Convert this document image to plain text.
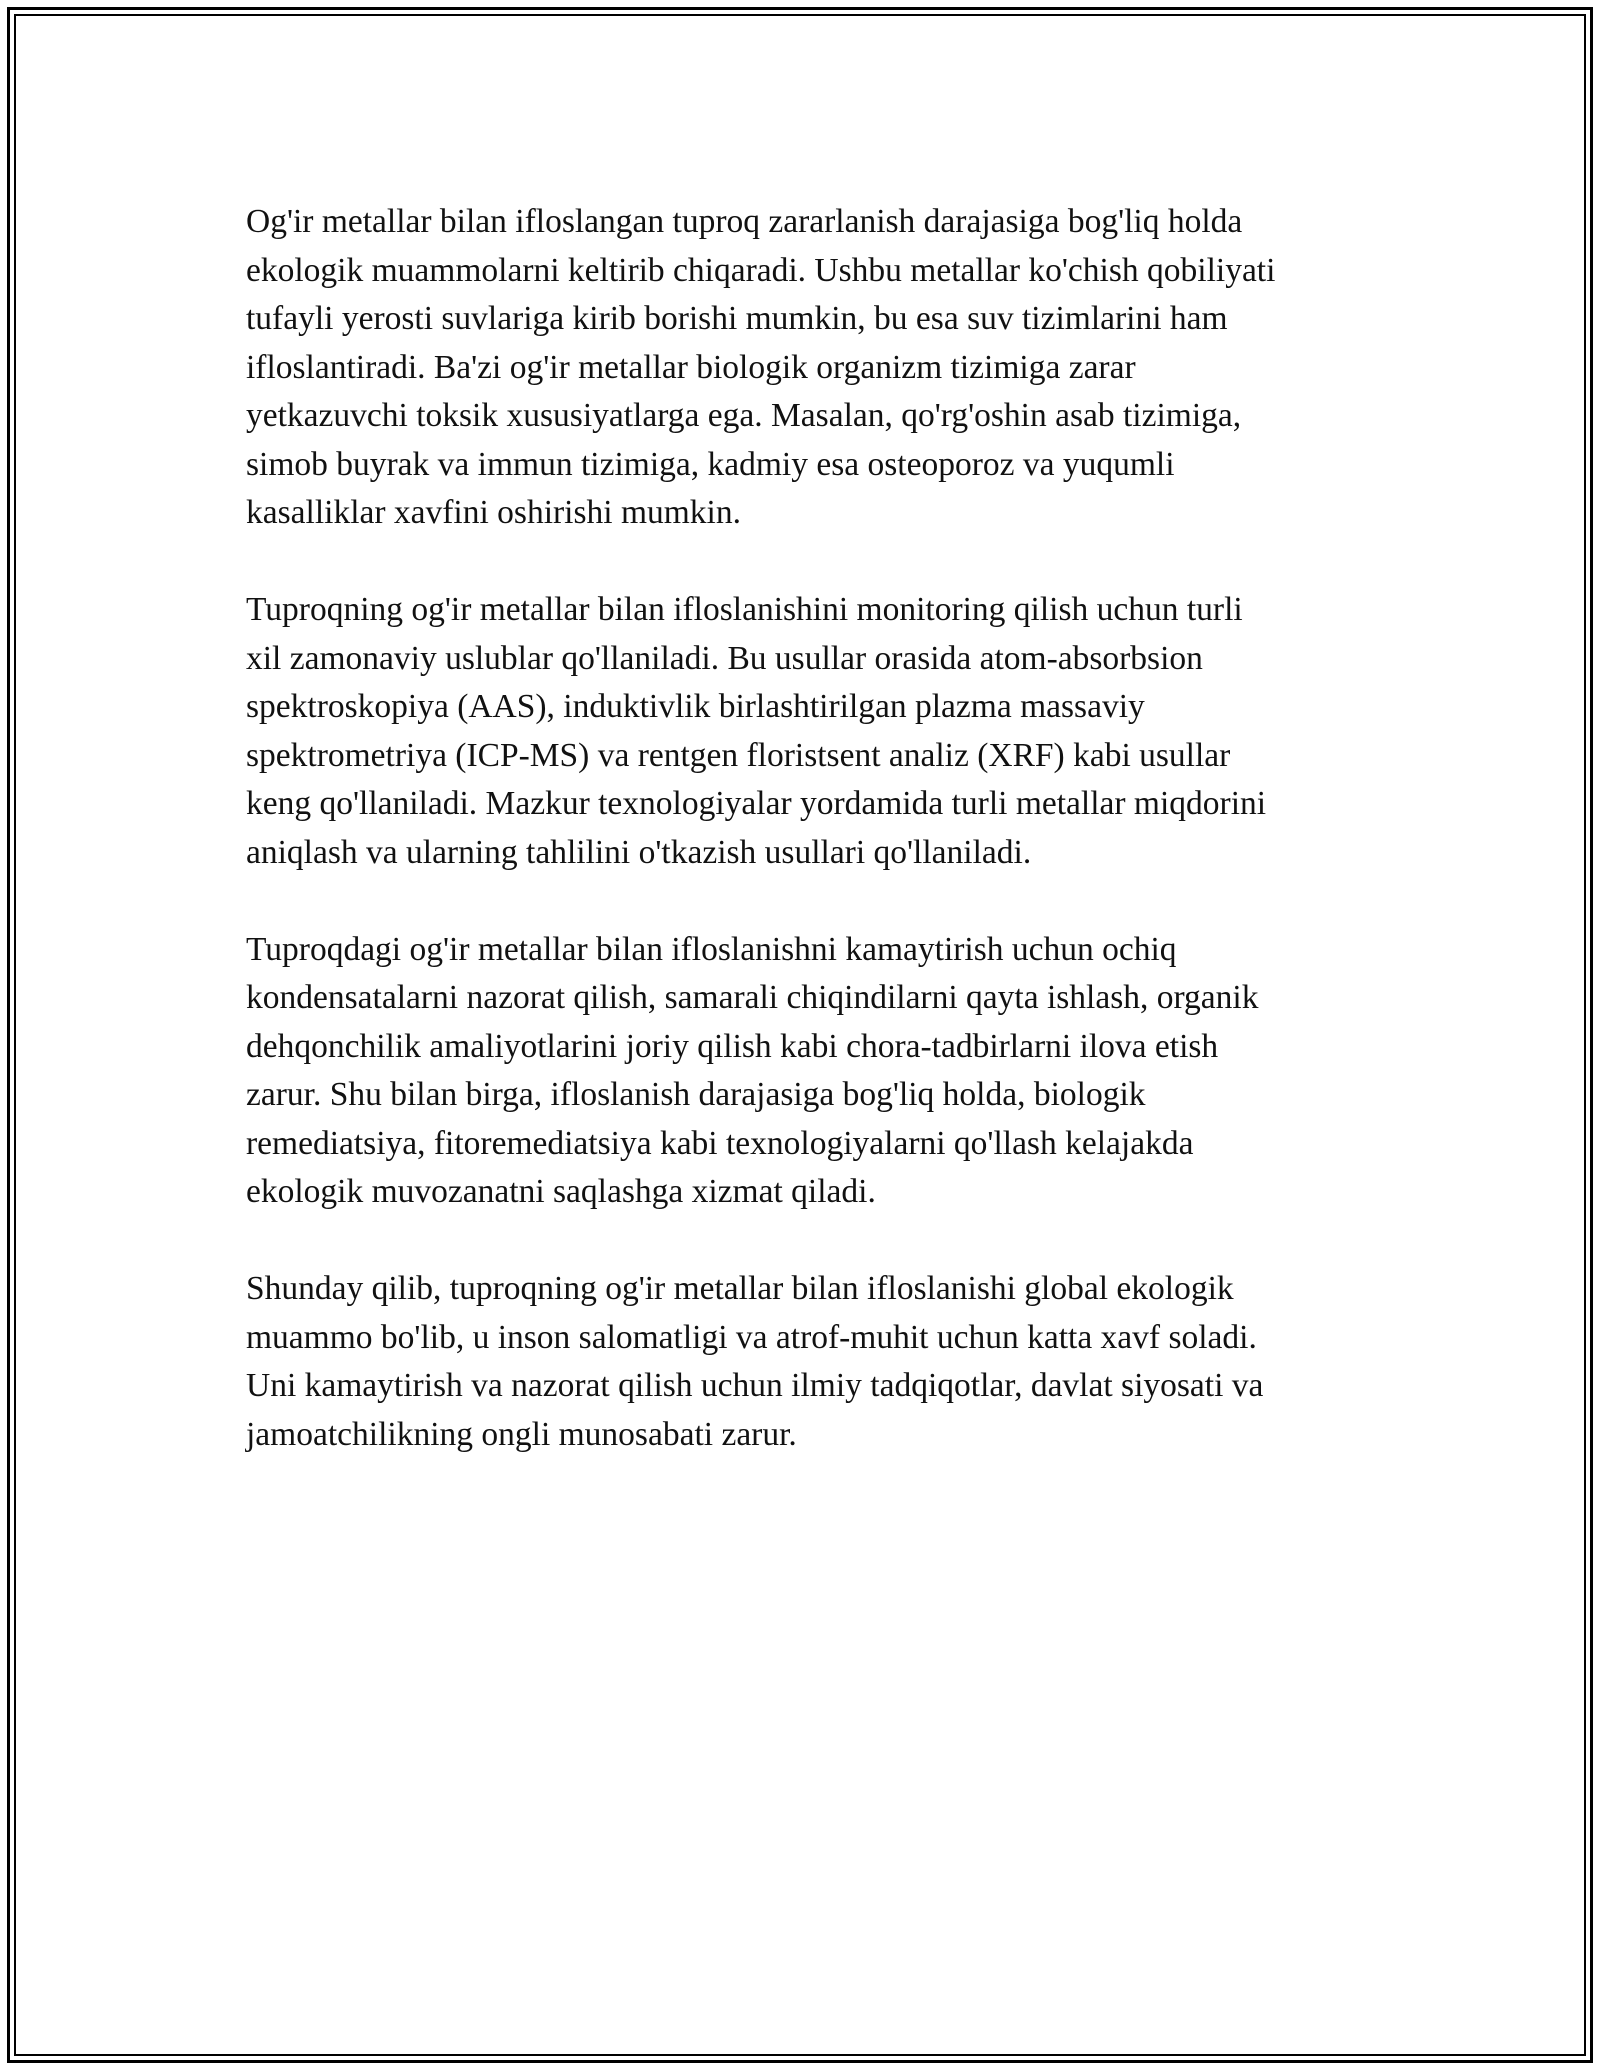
Og'ir metallar bilan ifloslangan tuproq zararlanish darajasiga bog'liq holda
ekologik muammolarni keltirib chiqaradi. Ushbu metallar ko'chish qobiliyati
tufayli yerosti suvlariga kirib borishi mumkin, bu esa suv tizimlarini ham
ifloslantiradi. Ba'zi og'ir metallar biologik organizm tizimiga zarar
yetkazuvchi toksik xususiyatlarga ega. Masalan, qo'rg'oshin asab tizimiga,
simob buyrak va immun tizimiga, kadmiy esa osteoporoz va yuqumli
kasalliklar xavfini oshirishi mumkin.

Tuproqning og'ir metallar bilan ifloslanishini monitoring qilish uchun turli
xil zamonaviy uslublar qo'llaniladi. Bu usullar orasida atom-absorbsion
spektroskopiya (AAS), induktivlik birlashtirilgan plazma massaviy
spektrometriya (ICP-MS) va rentgen floristsent analiz (XRF) kabi usullar
keng qo'llaniladi. Mazkur texnologiyalar yordamida turli metallar miqdorini
aniqlash va ularning tahlilini o'tkazish usullari qo'llaniladi.

Tuproqdagi og'ir metallar bilan ifloslanishni kamaytirish uchun ochiq
kondensatalarni nazorat qilish, samarali chiqindilarni qayta ishlash, organik
dehqonchilik amaliyotlarini joriy qilish kabi chora-tadbirlarni ilova etish
zarur. Shu bilan birga, ifloslanish darajasiga bog'liq holda, biologik
remediatsiya, fitoremediatsiya kabi texnologiyalarni qo'llash kelajakda
ekologik muvozanatni saqlashga xizmat qiladi.

Shunday qilib, tuproqning og'ir metallar bilan ifloslanishi global ekologik
muammo bo'lib, u inson salomatligi va atrof-muhit uchun katta xavf soladi.
Uni kamaytirish va nazorat qilish uchun ilmiy tadqiqotlar, davlat siyosati va
jamoatchilikning ongli munosabati zarur.
